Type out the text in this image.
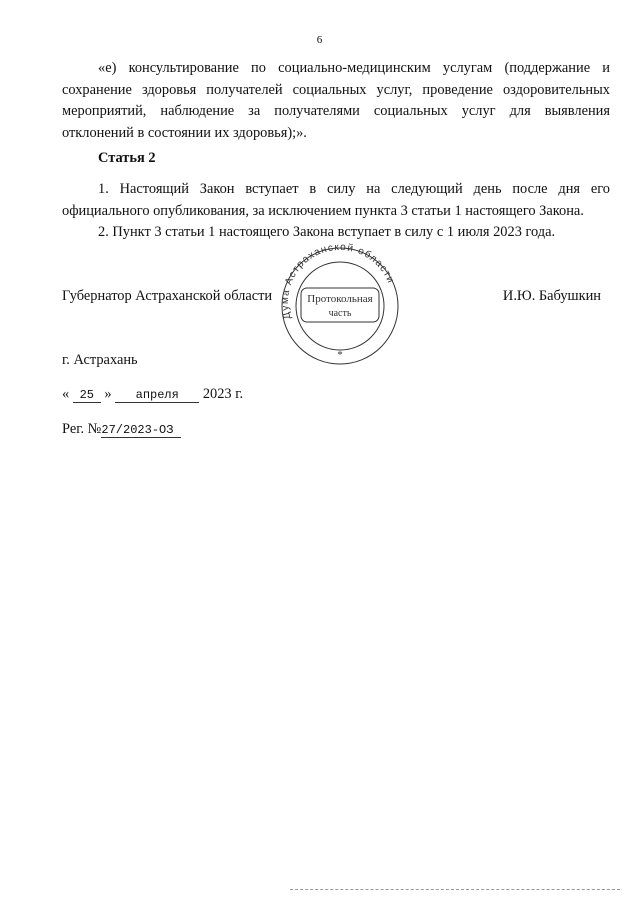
6

«е) консультирование по социально-медицинским услугам (поддержание и сохранение здоровья получателей социальных услуг, проведение оздоровительных мероприятий, наблюдение за получателями социальных услуг для выявления отклонений в состоянии их здоровья);».

Статья 2

1. Настоящий Закон вступает в силу на следующий день после дня его официального опубликования, за исключением пункта 3 статьи 1 настоящего Закона.

2. Пункт 3 статьи 1 настоящего Закона вступает в силу с 1 июля 2023 года.

Губернатор Астраханской области	И.Ю. Бабушкин
Дума Астраханской области
Протокольная
часть
*
г. Астрахань
« 25 » апреля 2023 г.
Рег. №27/2023-ОЗ
